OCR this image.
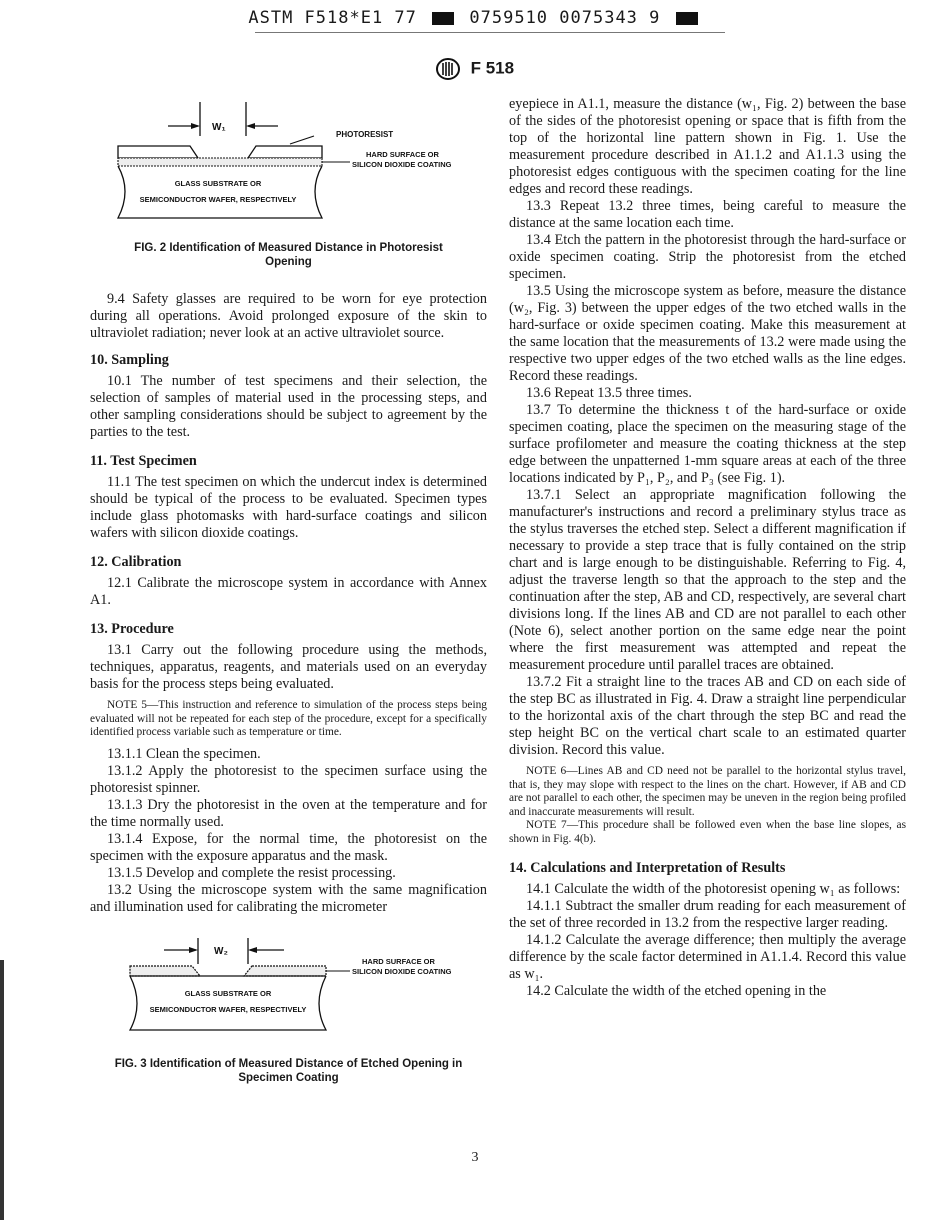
ASTM F518*E1 77	0759510 0075343 9
F 518
W₁
PHOTORESIST
HARD SURFACE OR
SILICON DIOXIDE COATING
GLASS SUBSTRATE OR
SEMICONDUCTOR WAFER, RESPECTIVELY
FIG. 2 Identification of Measured Distance in Photoresist
Opening

9.4 Safety glasses are required to be worn for eye protection during all operations. Avoid prolonged exposure of the skin to ultraviolet radiation; never look at an active ultraviolet source.

10. Sampling

10.1 The number of test specimens and their selection, the selection of samples of material used in the processing steps, and other sampling considerations should be subject to agreement by the parties to the test.

11. Test Specimen

11.1 The test specimen on which the undercut index is determined should be typical of the process to be evaluated. Specimen types include glass photomasks with hard-surface coatings and silicon wafers with silicon dioxide coatings.

12. Calibration

12.1 Calibrate the microscope system in accordance with Annex A1.

13. Procedure

13.1 Carry out the following procedure using the methods, techniques, apparatus, reagents, and materials used on an everyday basis for the process steps being evaluated.

NOTE 5—This instruction and reference to simulation of the process steps being evaluated will not be repeated for each step of the procedure, except for a specifically identified process variable such as temperature or time.

13.1.1 Clean the specimen.

13.1.2 Apply the photoresist to the specimen surface using the photoresist spinner.

13.1.3 Dry the photoresist in the oven at the temperature and for the time normally used.

13.1.4 Expose, for the normal time, the photoresist on the specimen with the exposure apparatus and the mask.

13.1.5 Develop and complete the resist processing.

13.2 Using the microscope system with the same magnification and illumination used for calibrating the micrometer

W₂
HARD SURFACE OR
SILICON DIOXIDE COATING
GLASS SUBSTRATE OR
SEMICONDUCTOR WAFER, RESPECTIVELY
FIG. 3 Identification of Measured Distance of Etched Opening in
Specimen Coating

eyepiece in A1.1, measure the distance (w₁, Fig. 2) between the base of the sides of the photoresist opening or space that is fifth from the top of the horizontal line pattern shown in Fig. 1. Use the measurement procedure described in A1.1.2 and A1.1.3 using the photoresist edges contiguous with the specimen coating for the line edges and record these readings.

13.3 Repeat 13.2 three times, being careful to measure the distance at the same location each time.

13.4 Etch the pattern in the photoresist through the hard-surface or oxide specimen coating. Strip the photoresist from the etched specimen.

13.5 Using the microscope system as before, measure the distance (w₂, Fig. 3) between the upper edges of the two etched walls in the hard-surface or oxide specimen coating. Make this measurement at the same location that the measurements of 13.2 were made using the respective two upper edges of the two etched walls as the line edges. Record these readings.

13.6 Repeat 13.5 three times.

13.7 To determine the thickness t of the hard-surface or oxide specimen coating, place the specimen on the measuring stage of the surface profilometer and measure the coating thickness at the step edge between the unpatterned 1-mm square areas at each of the three locations indicated by P₁, P₂, and P₃ (see Fig. 1).

13.7.1 Select an appropriate magnification following the manufacturer's instructions and record a preliminary stylus trace as the stylus traverses the etched step. Select a different magnification if necessary to provide a step trace that is fully contained on the strip chart and is large enough to be distinguishable. Referring to Fig. 4, adjust the traverse length so that the approach to the step and the continuation after the step, AB and CD, respectively, are several chart divisions long. If the lines AB and CD are not parallel to each other (Note 6), select another portion on the same edge near the point where the first measurement was attempted and repeat the measurement procedure until parallel traces are obtained.

13.7.2 Fit a straight line to the traces AB and CD on each side of the step BC as illustrated in Fig. 4. Draw a straight line perpendicular to the horizontal axis of the chart through the step BC and read the step height BC on the vertical chart scale to an estimated quarter division. Record this value.

NOTE 6—Lines AB and CD need not be parallel to the horizontal stylus travel, that is, they may slope with respect to the lines on the chart. However, if AB and CD are not parallel to each other, the specimen may be uneven in the region being profiled and inaccurate measurements will result.

NOTE 7—This procedure shall be followed even when the base line slopes, as shown in Fig. 4(b).

14. Calculations and Interpretation of Results

14.1 Calculate the width of the photoresist opening w₁ as follows:

14.1.1 Subtract the smaller drum reading for each measurement of the set of three recorded in 13.2 from the respective larger reading.

14.1.2 Calculate the average difference; then multiply the average difference by the scale factor determined in A1.1.4. Record this value as w₁.

14.2 Calculate the width of the etched opening in the

3
